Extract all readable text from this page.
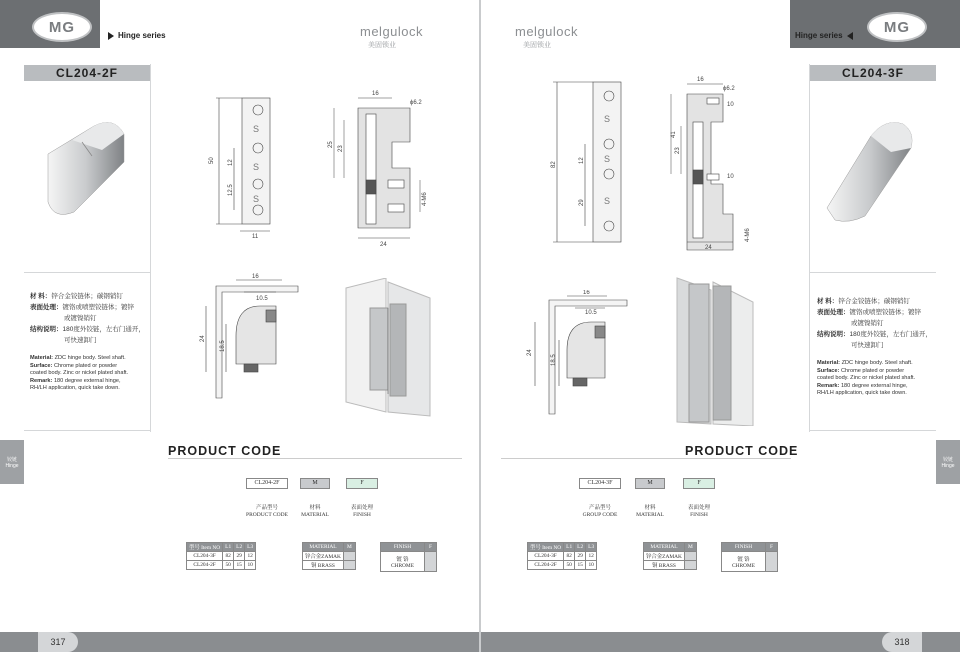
MG	Hinge series	melgulock
美固锁业
CL204-2F
材 料：锌合金铰链体；碳钢销钉
表面处理：镀铬或喷塑铰链体；镀锌
或镀镍销钉
结构说明：180度外铰链，左右门通开，
可快速卸门
Material: ZDC hinge body. Steel shaft.
Surface: Chrome plated or powder
coated body. Zinc or nickel plated shaft.
Remark: 180 degree external hinge,
RH/LH application, quick take down.
铰链
Hinge
50 12
12.5
11
S
S
S
16
ϕ6.2
25
23
4-M6
24
16
10.5
24
18.5
PRODUCT CODE
CL204-2F	M	F
产品型号
PRODUCT CODE
材料
MATERIAL
表面处理
FINISH
型号 Item NO	L1	L2	L3
CL204-3F	82	29	12
CL204-2F	50	15	10
MATERIAL	M
锌合金ZAMAK	
铜 BRASS	
FINISH	F
镀 铬
CHROME	
317
MG
Hinge series
melgulock
美固锁业
CL204-3F
材 料：锌合金铰链体；碳钢销钉
表面处理：镀铬或喷塑铰链体；镀锌
或镀镍销钉
结构说明：180度外铰链，左右门通开，
可快速卸门
Material: ZDC hinge body. Steel shaft.
Surface: Chrome plated or powder
coated body. Zinc or nickel plated shaft.
Remark: 180 degree external hinge,
RH/LH application, quick take down.
铰链
Hinge
82
12
29
S
S
S
16
ϕ6.2
41
23
10
10
4-M6
24
16
10.5
24
18.5
PRODUCT CODE
CL204-3F	M	F
产品型号
GROUP CODE
材料
MATERIAL
表面处理
FINISH
型号 Item NO	L1	L2	L3
CL204-3F	82	29	12
CL204-2F	50	15	10
MATERIAL	M
锌合金ZAMAK	
铜 BRASS	
FINISH	F
镀 铬
CHROME	
318
